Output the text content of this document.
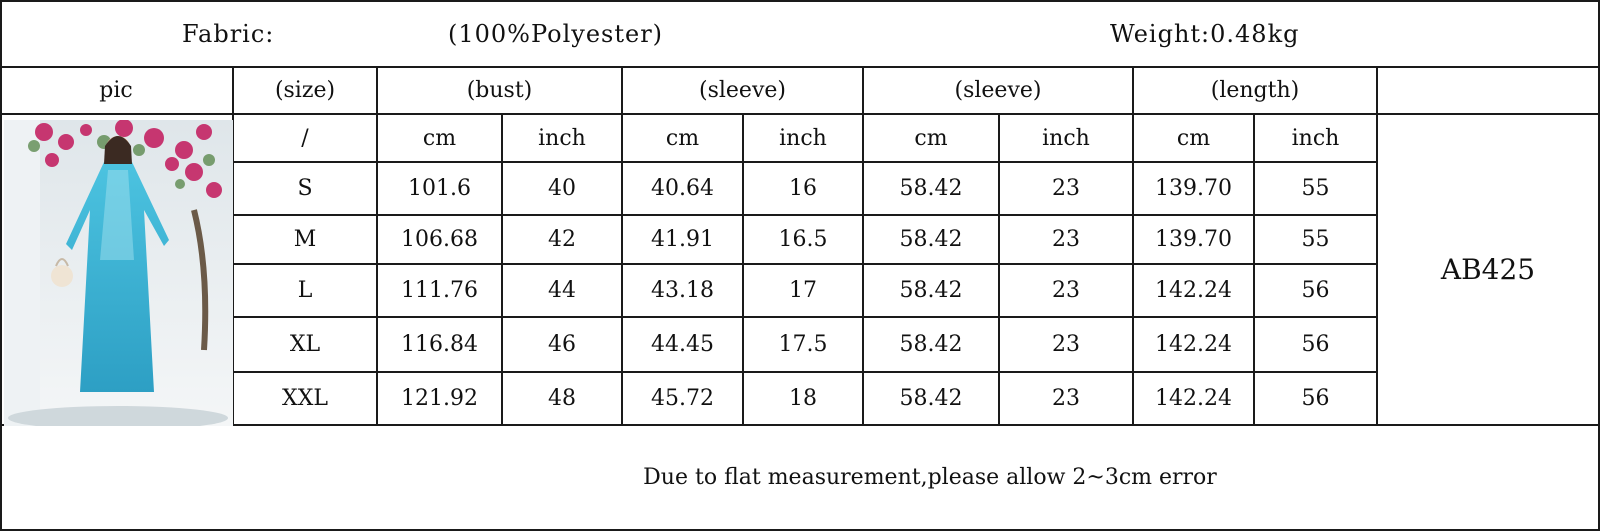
Fabric:	(100%Polyester)	Weight:0.48kg
pic	(size)	(bust)	(sleeve)	(sleeve)	(length)
/	cm	inch	cm	inch	cm	inch	cm	inch
S	101.6	40	40.64	16	58.42	23	139.70	55
M	106.68	42	41.91	16.5	58.42	23	139.70	55
L	111.76	44	43.18	17	58.42	23	142.24	56
XL	116.84	46	44.45	17.5	58.42	23	142.24	56
XXL	121.92	48	45.72	18	58.42	23	142.24	56
AB425
Due to flat measurement,please allow 2~3cm error
